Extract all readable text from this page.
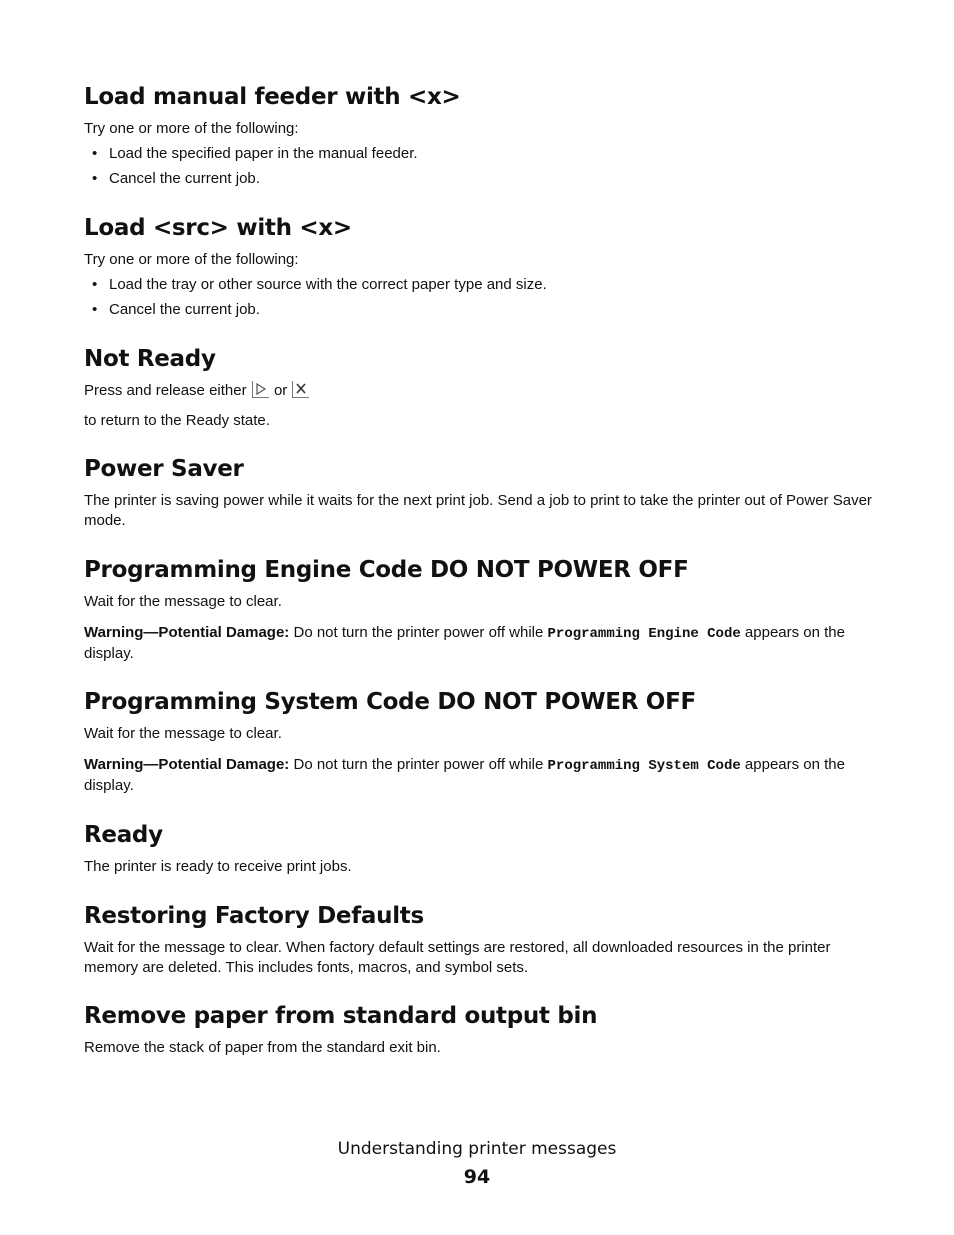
Load manual feeder with <x>

Try one or more of the following:

• Load the specified paper in the manual feeder.
• Cancel the current job.
Load <src> with <x>

Try one or more of the following:

• Load the tray or other source with the correct paper type and size.
• Cancel the current job.
Not Ready

Press and release either or

to return to the Ready state.

Power Saver

The printer is saving power while it waits for the next print job. Send a job to print to take the printer out of Power Saver mode.

Programming Engine Code DO NOT POWER OFF

Wait for the message to clear.

Warning—Potential Damage: Do not turn the printer power off while Programming Engine Code appears on the display.

Programming System Code DO NOT POWER OFF

Wait for the message to clear.

Warning—Potential Damage: Do not turn the printer power off while Programming System Code appears on the display.

Ready

The printer is ready to receive print jobs.

Restoring Factory Defaults

Wait for the message to clear. When factory default settings are restored, all downloaded resources in the printer memory are deleted. This includes fonts, macros, and symbol sets.

Remove paper from standard output bin

Remove the stack of paper from the standard exit bin.

Understanding printer messages
94
